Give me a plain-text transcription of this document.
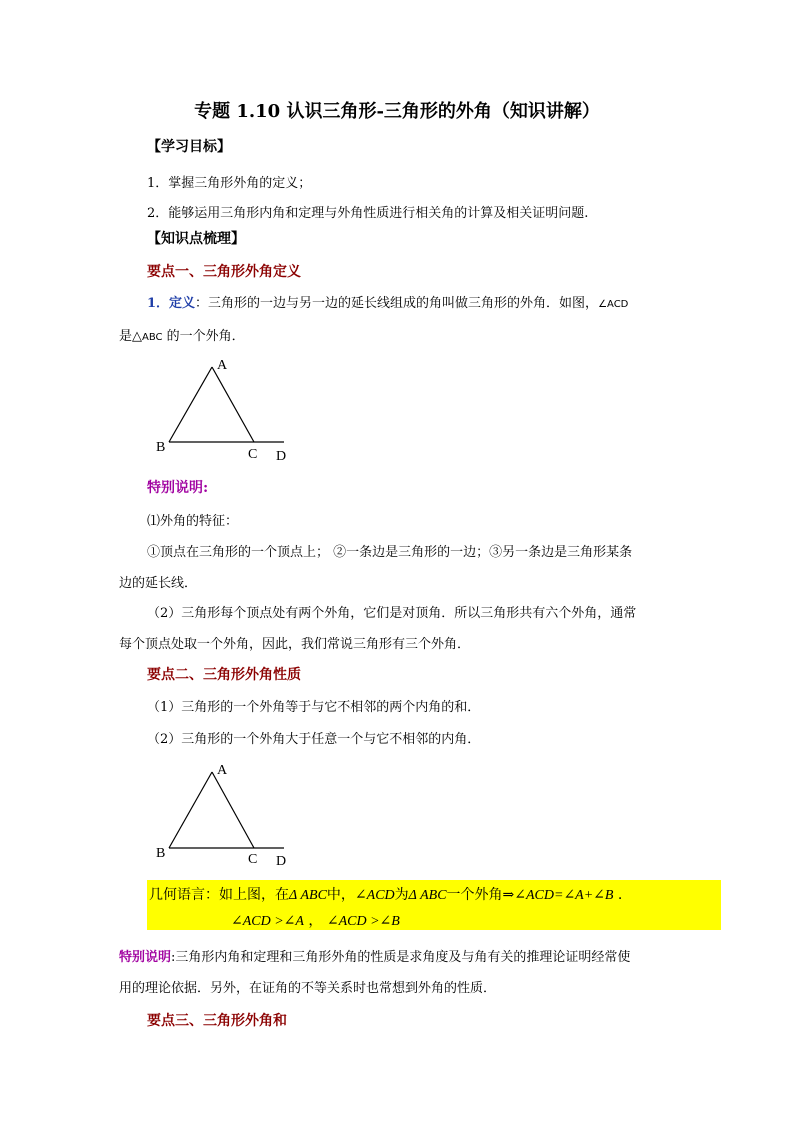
专题 1.10 认识三角形-三角形的外角（知识讲解）
【学习目标】
1．掌握三角形外角的定义；
2．能够运用三角形内角和定理与外角性质进行相关角的计算及相关证明问题.
【知识点梳理】
要点一、三角形外角定义
1．定义：三角形的一边与另一边的延长线组成的角叫做三角形的外角．如图，∠ACD
是△ABC 的一个外角．
A
B	C D
特别说明:
⑴外角的特征：
①顶点在三角形的一个顶点上； ②一条边是三角形的一边；③另一条边是三角形某条
边的延长线．
（2）三角形每个顶点处有两个外角，它们是对顶角．所以三角形共有六个外角，通常
每个顶点处取一个外角，因此，我们常说三角形有三个外角．
要点二、三角形外角性质
（1）三角形的一个外角等于与它不相邻的两个内角的和．
（2）三角形的一个外角大于任意一个与它不相邻的内角．
A
B	C D
几何语言：如上图，在Δ ABC中，∠ACD为Δ ABC一个外角⇒∠ACD=∠A+∠B .
∠ACD >∠A ， ∠ACD >∠B
特别说明:三角形内角和定理和三角形外角的性质是求角度及与角有关的推理论证明经常使
用的理论依据．另外，在证角的不等关系时也常想到外角的性质．
要点三、三角形外角和
